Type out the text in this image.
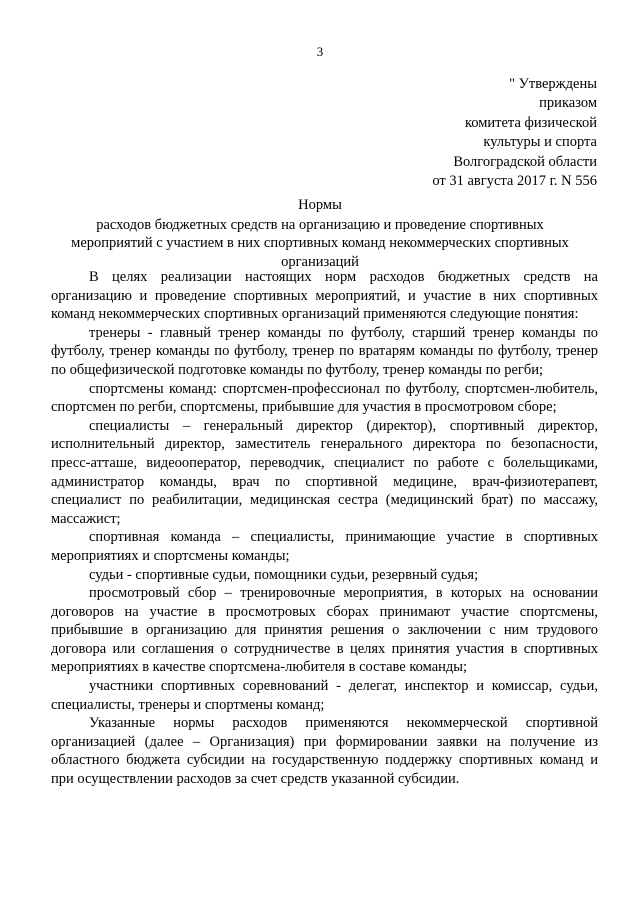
3
" Утверждены
приказом
комитета физической
культуры и спорта
Волгоградской области
от 31 августа 2017 г. N 556
Нормы
расходов бюджетных средств на организацию и проведение спортивных мероприятий с участием в них спортивных команд некоммерческих спортивных организаций

В целях реализации настоящих норм расходов бюджетных средств на организацию и проведение спортивных мероприятий, и участие в них спортивных команд некоммерческих спортивных организаций применяются следующие понятия:

тренеры - главный тренер команды по футболу, старший тренер команды по футболу, тренер команды по футболу, тренер по вратарям команды по футболу, тренер по общефизической подготовке команды по футболу, тренер команды по регби;

спортсмены команд: спортсмен-профессионал по футболу, спортсмен-любитель, спортсмен по регби, спортсмены, прибывшие для участия в просмотровом сборе;

специалисты – генеральный директор (директор), спортивный директор, исполнительный директор, заместитель генерального директора по безопасности, пресс-атташе, видеооператор, переводчик, специалист по работе с болельщиками, администратор команды, врач по спортивной медицине, врач-физиотерапевт, специалист по реабилитации, медицинская сестра (медицинский брат) по массажу, массажист;

спортивная команда – специалисты, принимающие участие в спортивных мероприятиях и спортсмены команды;

судьи - спортивные судьи, помощники судьи, резервный судья;

просмотровый сбор – тренировочные мероприятия, в которых на основании договоров на участие в просмотровых сборах принимают участие спортсмены, прибывшие в организацию для принятия решения о заключении с ним трудового договора или соглашения о сотрудничестве в целях принятия участия в спортивных мероприятиях в качестве спортсмена-любителя в составе команды;

участники спортивных соревнований - делегат, инспектор и комиссар, судьи, специалисты, тренеры и спортмены команд;

Указанные нормы расходов применяются некоммерческой спортивной организацией (далее – Организация) при формировании заявки на получение из областного бюджета субсидии на государственную поддержку спортивных команд и при осуществлении расходов за счет средств указанной субсидии.
